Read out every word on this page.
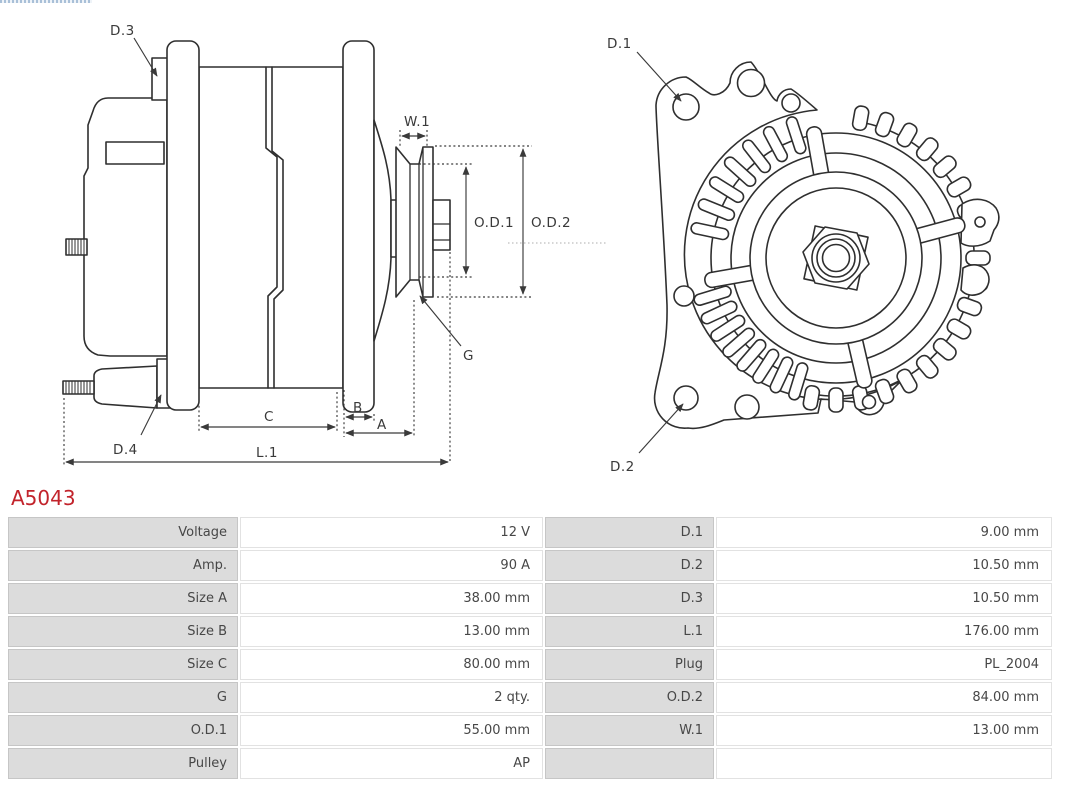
D.3
W.1
O.D.1 O.D.2
G
D.4
C
B
A
L.1
D.1
D.2
A5043
Voltage	12 V	D.1	9.00 mm
Amp.	90 A	D.2	10.50 mm
Size A	38.00 mm	D.3	10.50 mm
Size B	13.00 mm	L.1	176.00 mm
Size C	80.00 mm	Plug	PL_2004
G	2 qty.	O.D.2	84.00 mm
O.D.1	55.00 mm	W.1	13.00 mm
Pulley	AP
